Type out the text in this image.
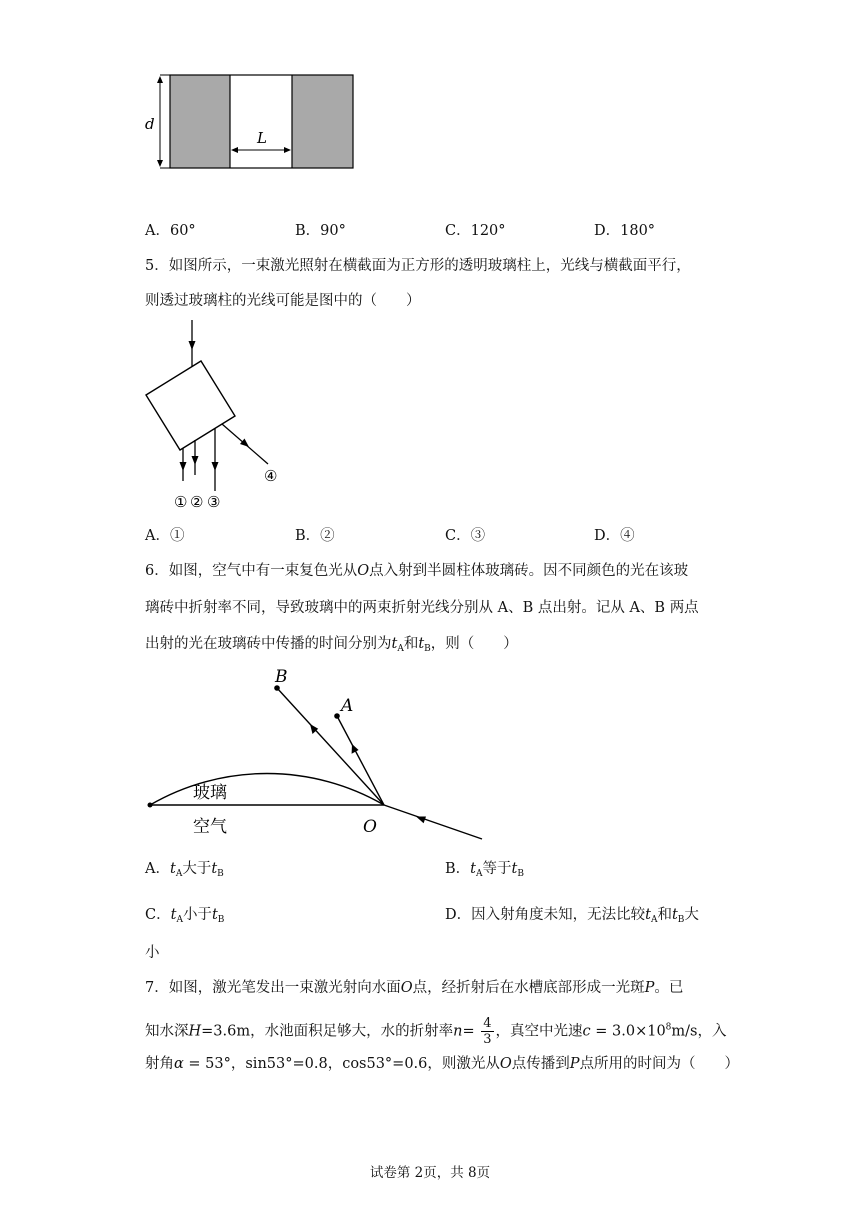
d
L
A．60°	B．90°	C．120°	D．180°
5．如图所示，一束激光照射在横截面为正方形的透明玻璃柱上，光线与横截面平行，
则透过玻璃柱的光线可能是图中的（　　）
① ② ③
④
A．①	B．②	C．③	D．④
6．如图，空气中有一束复色光从O点入射到半圆柱体玻璃砖。因不同颜色的光在该玻
璃砖中折射率不同，导致玻璃中的两束折射光线分别从 A、B 点出射。记从 A、B 两点
出射的光在玻璃砖中传播的时间分别为$t_A$和$t_B$，则（　　）
B
A
O
玻璃
空气
A．$t_A$大于$t_B$	B．$t_A$等于$t_B$
C．$t_A$小于$t_B$	D．因入射角度未知，无法比较$t_A$和$t_B$大
小
7．如图，激光笔发出一束激光射向水面O点，经折射后在水槽底部形成一光斑P。已
知水深H=3.6m，水池面积足够大，水的折射率$n= \frac{4}{3}$ ，真空中光速$c = 3.0\times 10^8m/s$，入
射角α = 53°，sin53°=0.8，cos53°=0.6，则激光从O点传播到P点所用的时间为（　　）
试卷第 2页，共 8页
